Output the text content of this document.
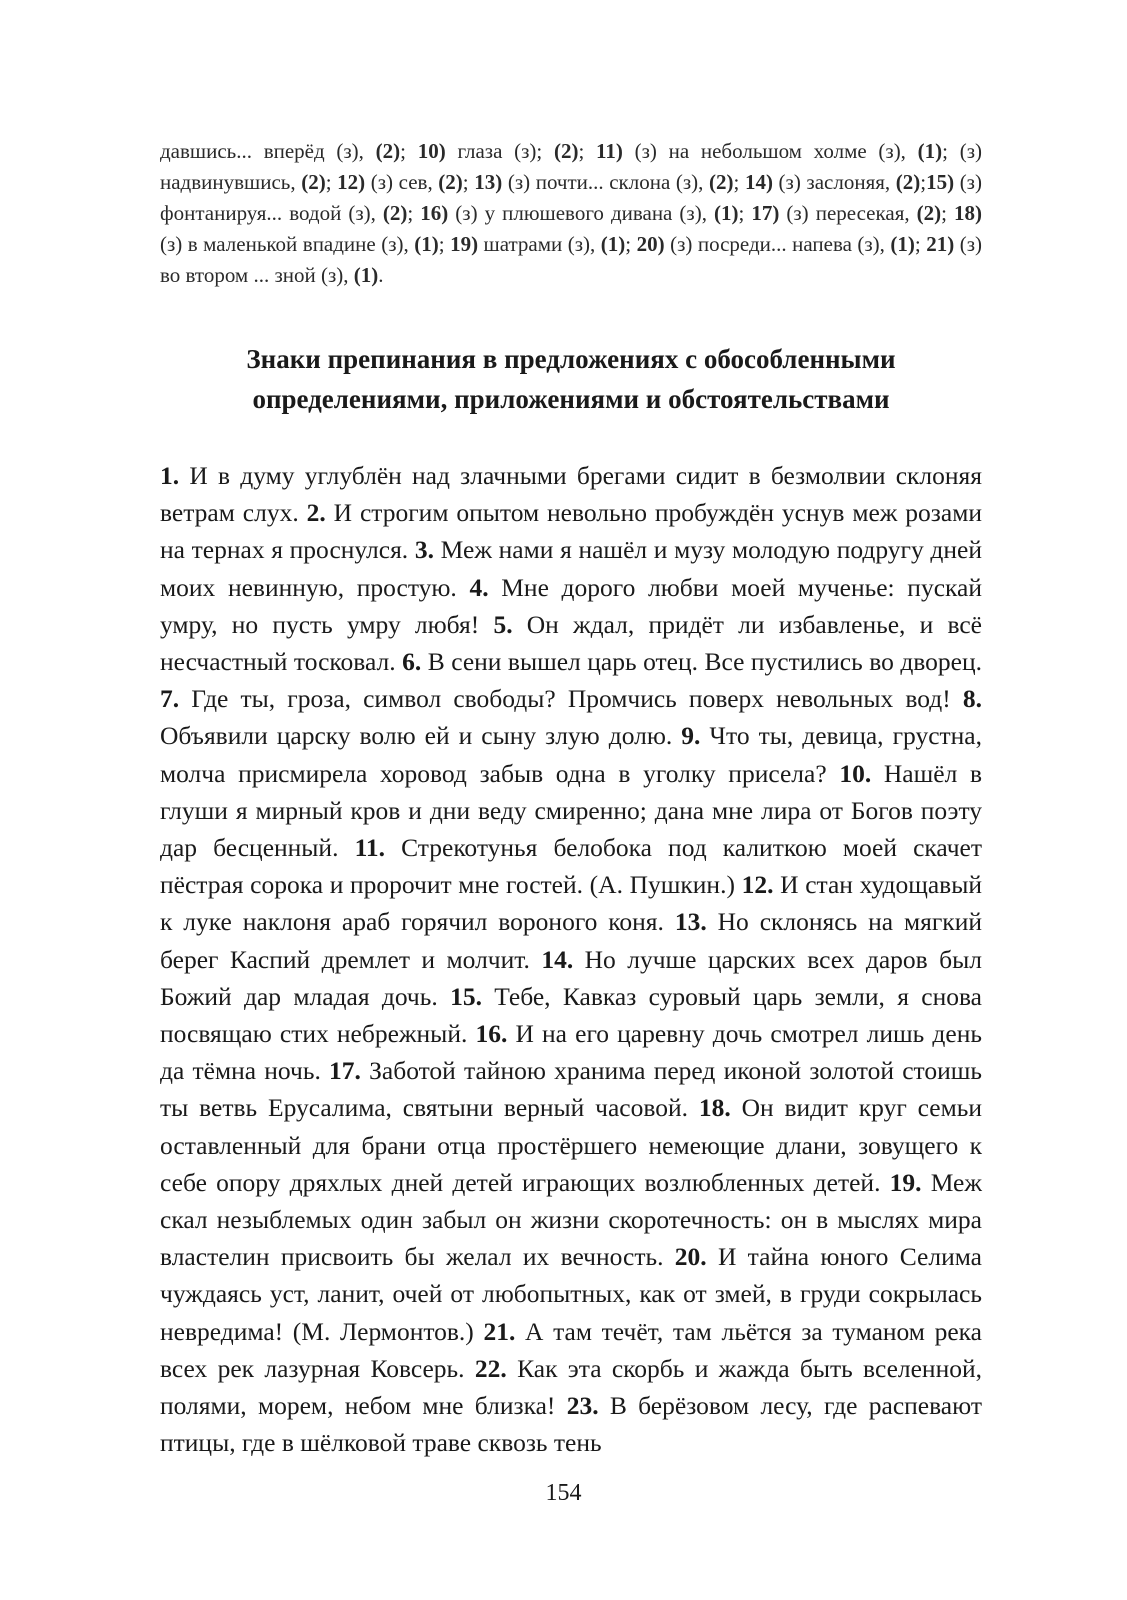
давшись... вперёд (з), (2); 10) глаза (з); (2); 11) (з) на небольшом холме (з), (1); (з) надвинувшись, (2); 12) (з) сев, (2); 13) (з) почти... склона (з), (2); 14) (з) заслоняя, (2);15) (з) фонтанируя... водой (з), (2); 16) (з) у плюшевого дивана (з), (1); 17) (з) пересекая, (2); 18) (з) в маленькой впадине (з), (1); 19) шатрами (з), (1); 20) (з) посреди... напева (з), (1); 21) (з) во втором ... зной (з), (1).
Знаки препинания в предложениях с обособленными
определениями, приложениями и обстоятельствами

1. И в думу углублён над злачными брегами сидит в безмолвии склоняя ветрам слух. 2. И строгим опытом невольно пробуждён уснув меж розами на тернах я проснулся. 3. Меж нами я нашёл и музу молодую подругу дней моих невинную, простую. 4. Мне дорого любви моей мученье: пускай умру, но пусть умру любя! 5. Он ждал, придёт ли избавленье, и всё несчастный тосковал. 6. В сени вышел царь отец. Все пустились во дворец. 7. Где ты, гроза, символ свободы? Промчись поверх невольных вод! 8. Объявили царску волю ей и сыну злую долю. 9. Что ты, девица, грустна, молча присмирела хоровод забыв одна в уголку присела? 10. Нашёл в глуши я мирный кров и дни веду смиренно; дана мне лира от Богов поэту дар бесценный. 11. Стрекотунья белобока под калиткою моей скачет пёстрая сорока и пророчит мне гостей. (А. Пушкин.) 12. И стан худощавый к луке наклоня араб горячил вороного коня. 13. Но склонясь на мягкий берег Каспий дремлет и молчит. 14. Но лучше царских всех даров был Божий дар младая дочь. 15. Тебе, Кавказ суровый царь земли, я снова посвящаю стих небрежный. 16. И на его царевну дочь смотрел лишь день да тёмна ночь. 17. Заботой тайною хранима перед иконой золотой стоишь ты ветвь Ерусалима, святыни верный часовой. 18. Он видит круг семьи оставленный для брани отца простёршего немеющие длани, зовущего к себе опору дряхлых дней детей играющих возлюбленных детей. 19. Меж скал незыблемых один забыл он жизни скоротечность: он в мыслях мира властелин присвоить бы желал их вечность. 20. И тайна юного Селима чуждаясь уст, ланит, очей от любопытных, как от змей, в груди сокрылась невредима! (М. Лермонтов.) 21. А там течёт, там льётся за туманом река всех рек лазурная Ковсерь. 22. Как эта скорбь и жажда быть вселенной, полями, морем, небом мне близка! 23. В берёзовом лесу, где распевают птицы, где в шёлковой траве сквозь тень

154
